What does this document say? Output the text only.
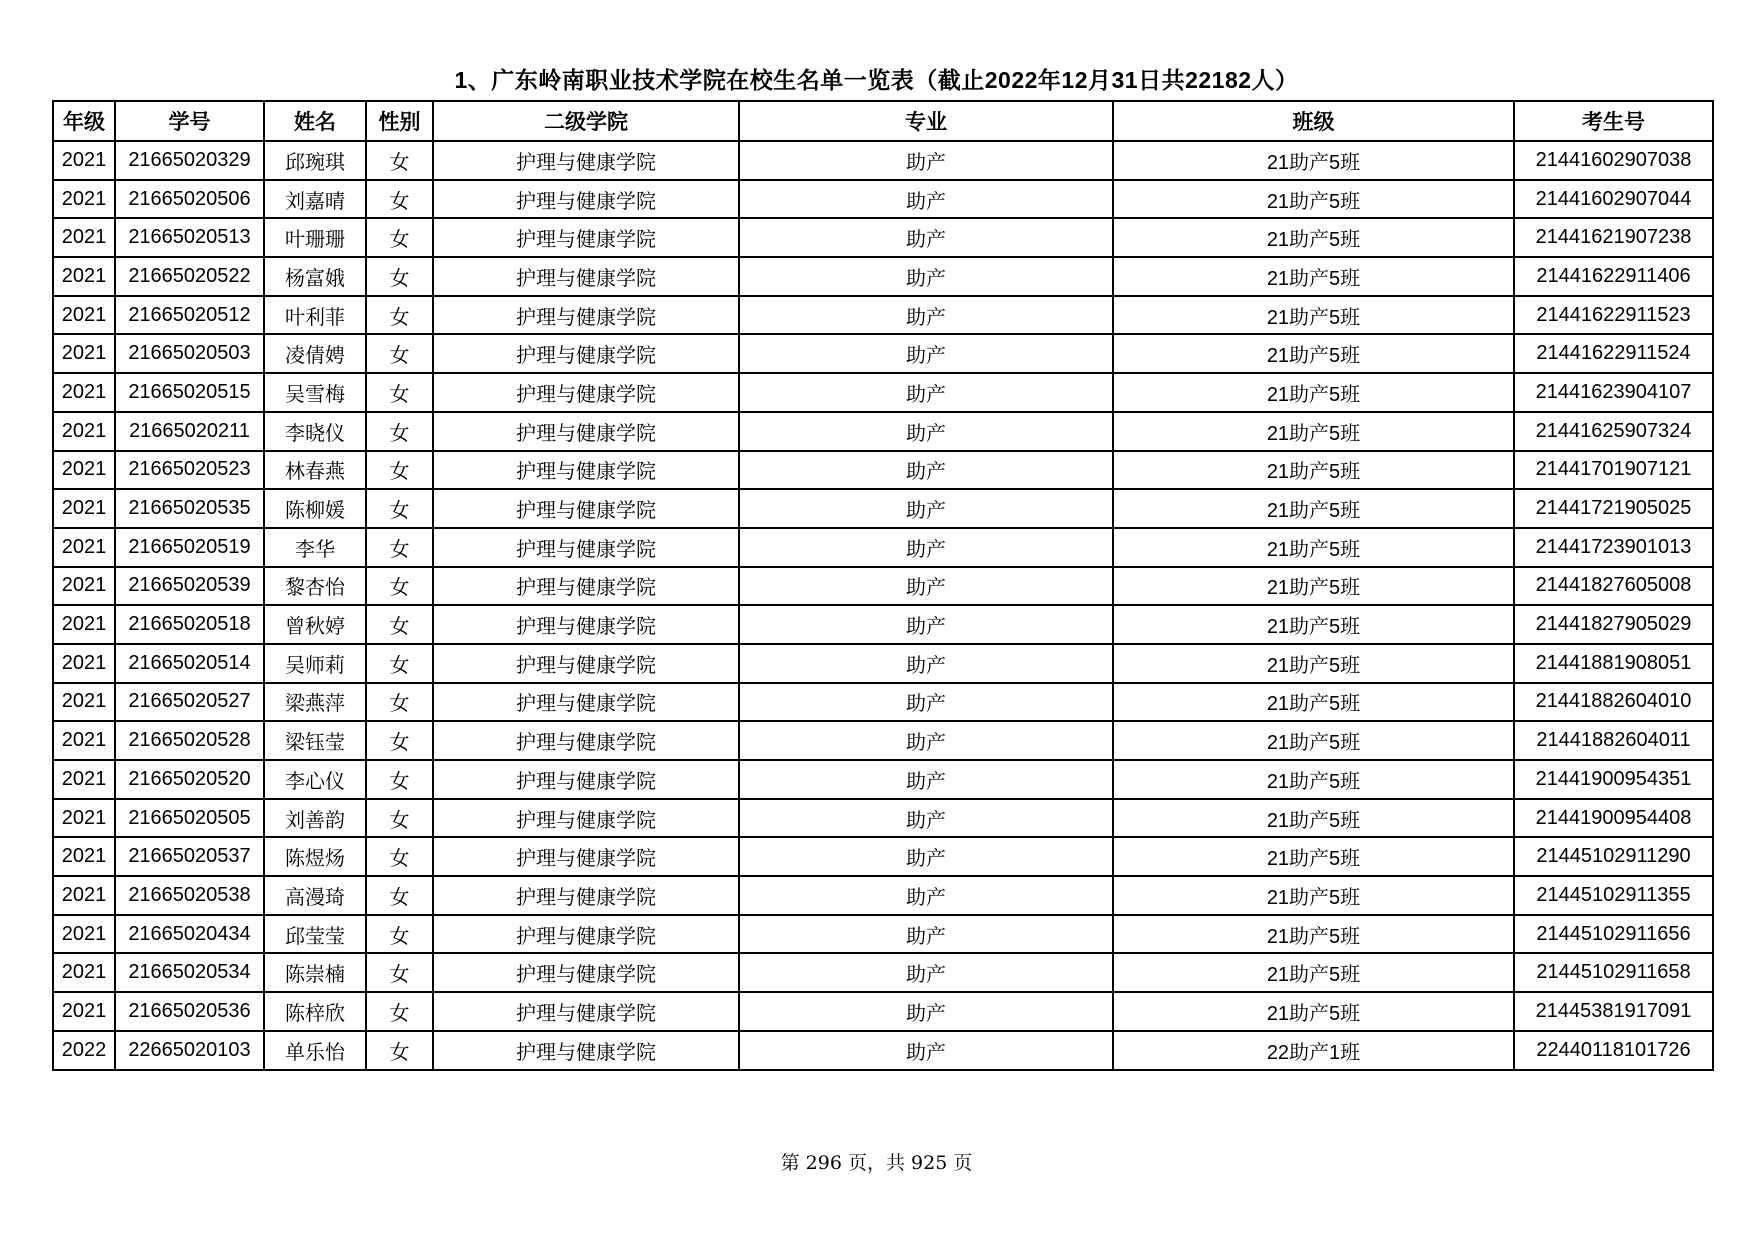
1、广东岭南职业技术学院在校生名单一览表（截止2022年12月31日共22182人）
年级	学号	姓名	性别	二级学院	专业	班级	考生号
2021	21665020329	邱琬琪	女	护理与健康学院	助产	21助产5班	21441602907038
2021	21665020506	刘嘉晴	女	护理与健康学院	助产	21助产5班	21441602907044
2021	21665020513	叶珊珊	女	护理与健康学院	助产	21助产5班	21441621907238
2021	21665020522	杨富娥	女	护理与健康学院	助产	21助产5班	21441622911406
2021	21665020512	叶利菲	女	护理与健康学院	助产	21助产5班	21441622911523
2021	21665020503	凌倩娉	女	护理与健康学院	助产	21助产5班	21441622911524
2021	21665020515	吴雪梅	女	护理与健康学院	助产	21助产5班	21441623904107
2021	21665020211	李晓仪	女	护理与健康学院	助产	21助产5班	21441625907324
2021	21665020523	林春燕	女	护理与健康学院	助产	21助产5班	21441701907121
2021	21665020535	陈柳媛	女	护理与健康学院	助产	21助产5班	21441721905025
2021	21665020519	李华	女	护理与健康学院	助产	21助产5班	21441723901013
2021	21665020539	黎杏怡	女	护理与健康学院	助产	21助产5班	21441827605008
2021	21665020518	曾秋婷	女	护理与健康学院	助产	21助产5班	21441827905029
2021	21665020514	吴师莉	女	护理与健康学院	助产	21助产5班	21441881908051
2021	21665020527	梁燕萍	女	护理与健康学院	助产	21助产5班	21441882604010
2021	21665020528	梁钰莹	女	护理与健康学院	助产	21助产5班	21441882604011
2021	21665020520	李心仪	女	护理与健康学院	助产	21助产5班	21441900954351
2021	21665020505	刘善韵	女	护理与健康学院	助产	21助产5班	21441900954408
2021	21665020537	陈煜炀	女	护理与健康学院	助产	21助产5班	21445102911290
2021	21665020538	高漫琦	女	护理与健康学院	助产	21助产5班	21445102911355
2021	21665020434	邱莹莹	女	护理与健康学院	助产	21助产5班	21445102911656
2021	21665020534	陈崇楠	女	护理与健康学院	助产	21助产5班	21445102911658
2021	21665020536	陈梓欣	女	护理与健康学院	助产	21助产5班	21445381917091
2022	22665020103	单乐怡	女	护理与健康学院	助产	22助产1班	22440118101726
第 296 页，共 925 页
